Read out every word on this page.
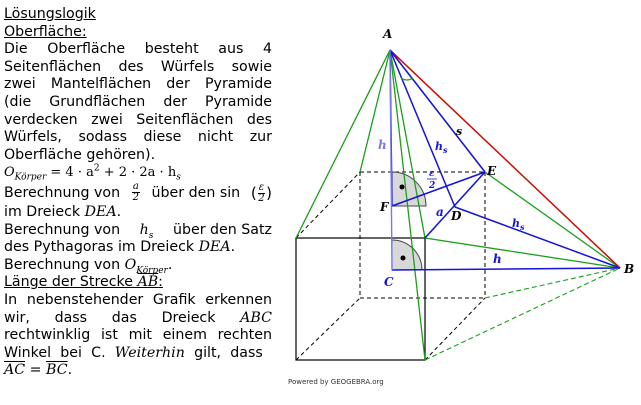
Lösungslogik
Oberfläche:
Die Oberfläche besteht aus 4
Seitenflächen des Würfels sowie
zwei Mantelflächen der Pyramide
(die Grundflächen der Pyramide
verdecken zwei Seitenflächen des
Würfels, sodass diese nicht zur
Oberfläche gehören).
$O_{Körper} = 4 \cdot a^2 + 2 \cdot 2a \cdot h_s$
Berechnung von $\frac{a}{2}$ über den sin ( $\frac{\varepsilon}{2}$ )
im Dreieck DEA.
Berechnung von $h_s$ über den Satz
des Pythagoras im Dreieck DEA.
Berechnung von $O_{Körper}$.
Länge der Strecke AB:
In nebenstehender Grafik erkennen
wir, dass das Dreieck ABC
rechtwinklig ist mit einem rechten
Winkel bei C. Weiterhin gilt, dass
$\overline{AC} = \overline{BC}$.
A
B
C
D
E
F
s
h	$h_s$
$h_s$
h
a
ε
2
Powered by GEOGEBRA.org
